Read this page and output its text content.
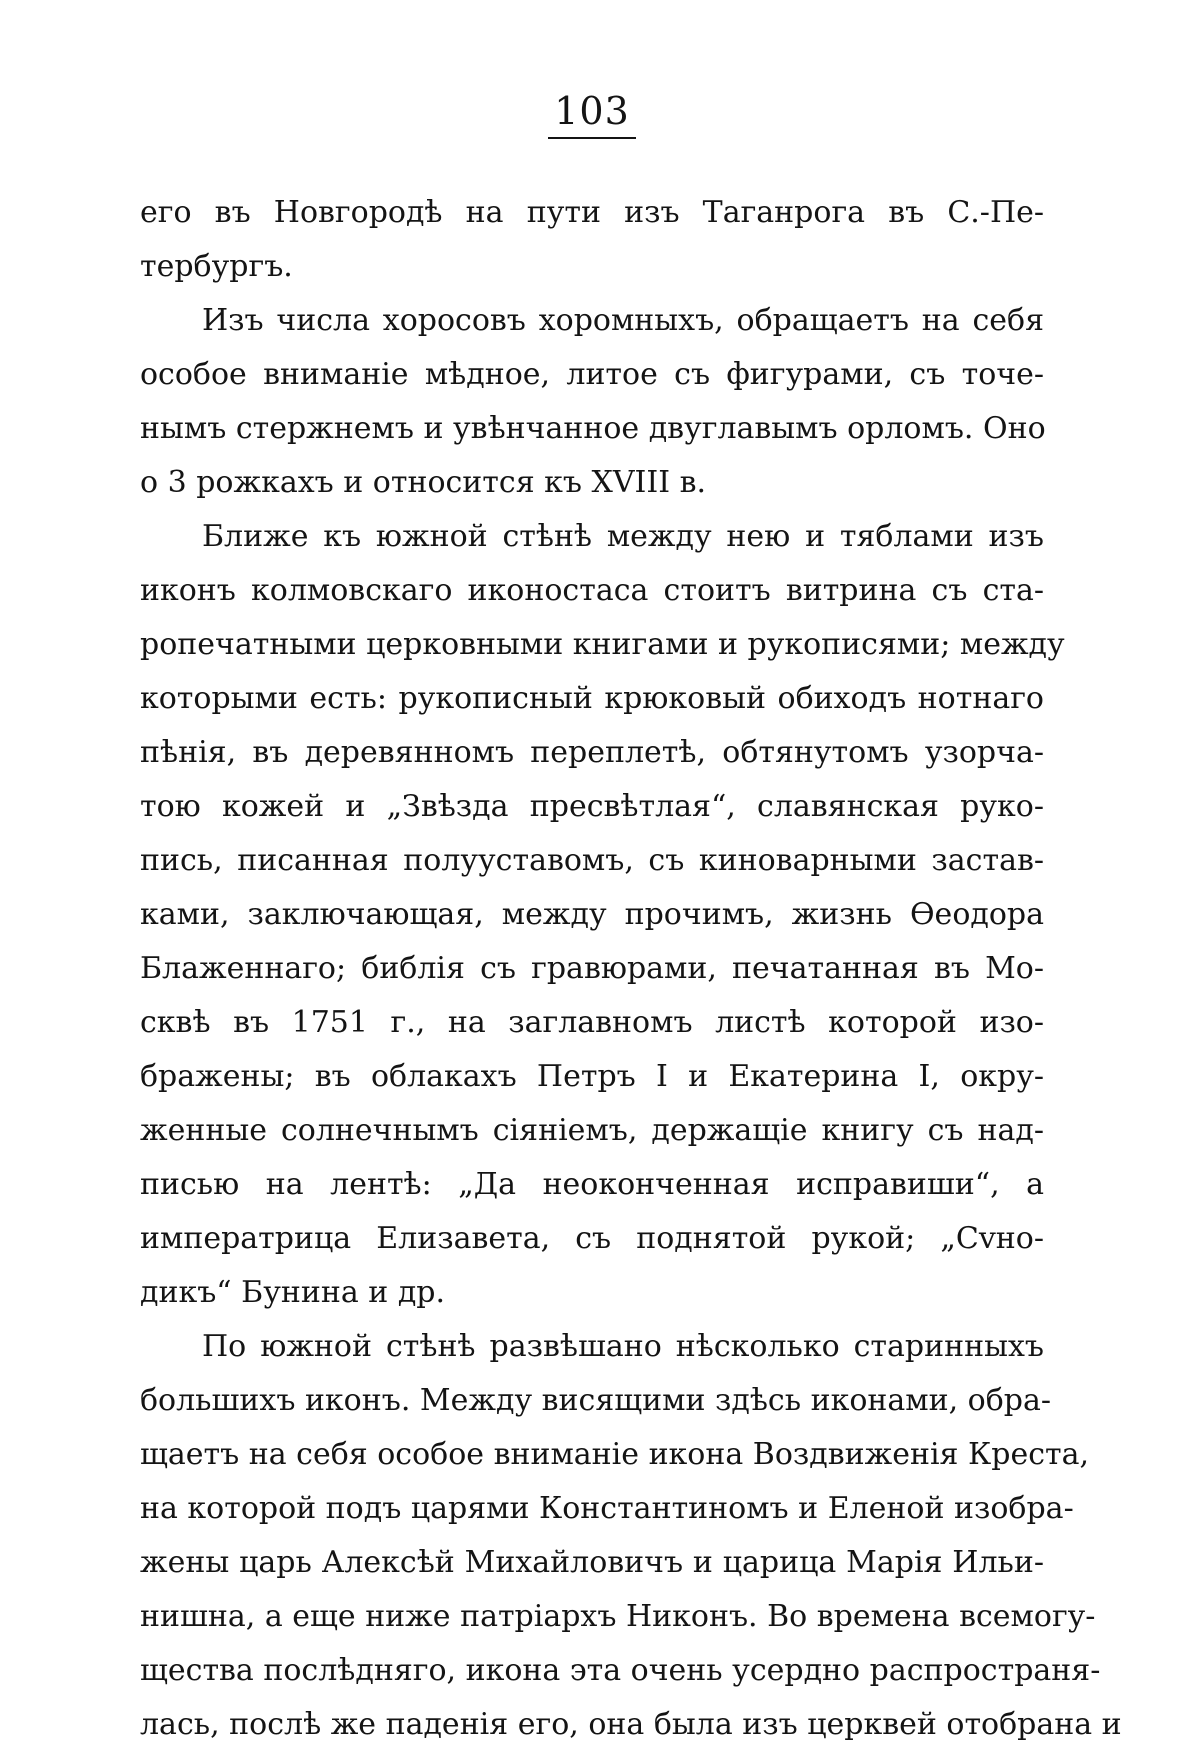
103
его въ Новгородѣ на пути изъ Таганрога въ С.-Пе-
тербургъ.
Изъ числа хоросовъ хоромныхъ, обращаетъ на себя
особое вниманіе мѣдное, литое съ фигурами, съ точе-
нымъ стержнемъ и увѣнчанное двуглавымъ орломъ. Оно
о 3 рожкахъ и относится къ XVIII в.
Ближе къ южной стѣнѣ между нею и тяблами изъ
иконъ колмовскаго иконостаса стоитъ витрина съ ста-
ропечатными церковными книгами и рукописями; между
которыми есть: рукописный крюковый обиходъ нотнаго
пѣнія, въ деревянномъ переплетѣ, обтянутомъ узорча-
тою кожей и „Звѣзда пресвѣтлая“, славянская руко-
пись, писанная полууставомъ, съ киноварными застав-
ками, заключающая, между прочимъ, жизнь Ѳеодора
Блаженнаго; библія съ гравюрами, печатанная въ Мо-
сквѣ въ 1751 г., на заглавномъ листѣ которой изо-
бражены; въ облакахъ Петръ I и Екатерина I, окру-
женные солнечнымъ сіяніемъ, держащіе книгу съ над-
писью на лентѣ: „Да неоконченная исправиши“, а
императрица Елизавета, съ поднятой рукой; „Сvно-
дикъ“ Бунина и др.
По южной стѣнѣ развѣшано нѣсколько старинныхъ
большихъ иконъ. Между висящими здѣсь иконами, обра-
щаетъ на себя особое вниманіе икона Воздвиженія Креста,
на которой подъ царями Константиномъ и Еленой изобра-
жены царь Алексѣй Михайловичъ и царица Марія Ильи-
нишна, а еще ниже патріархъ Никонъ. Во времена всемогу-
щества послѣдняго, икона эта очень усердно распространя-
лась, послѣ же паденія его, она была изъ церквей отобрана и
